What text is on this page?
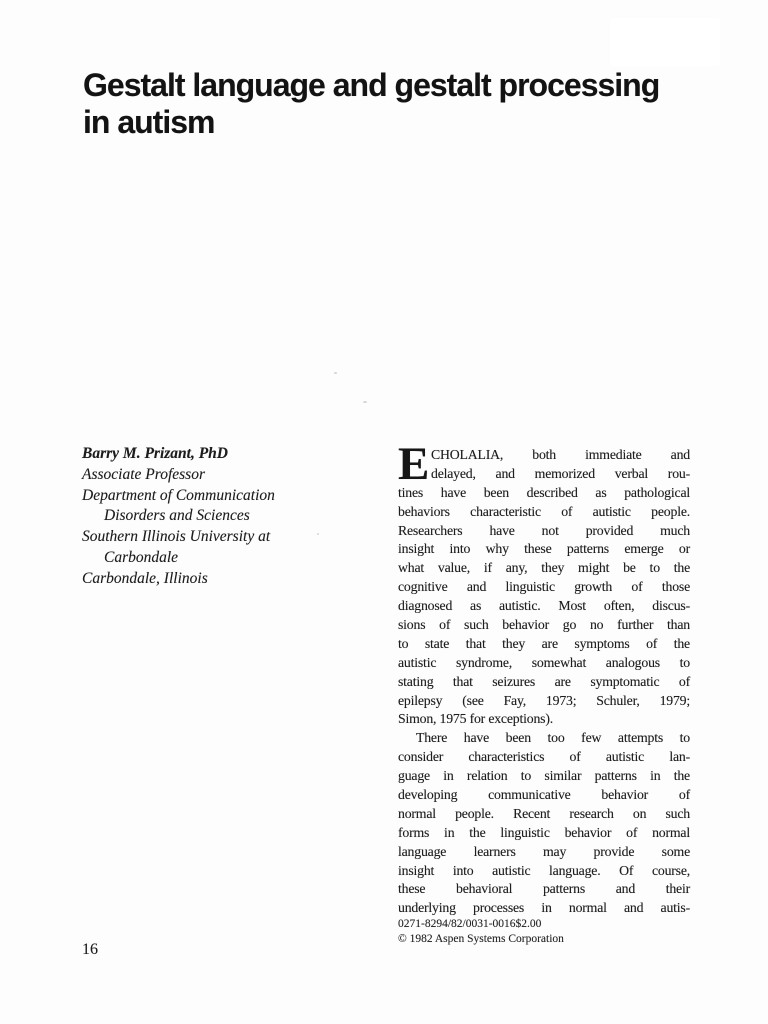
Gestalt language and gestalt processing
in autism
Barry M. Prizant, PhD
Associate Professor
Department of Communication
Disorders and Sciences
Southern Illinois University at
Carbondale
Carbondale, Illinois
E CHOLALIA, both immediate and
delayed, and memorized verbal rou-
tines have been described as pathological
behaviors characteristic of autistic people.
Researchers have not provided much
insight into why these patterns emerge or
what value, if any, they might be to the
cognitive and linguistic growth of those
diagnosed as autistic. Most often, discus-
sions of such behavior go no further than
to state that they are symptoms of the
autistic syndrome, somewhat analogous to
stating that seizures are symptomatic of
epilepsy (see Fay, 1973; Schuler, 1979;
Simon, 1975 for exceptions).
There have been too few attempts to
consider characteristics of autistic lan-
guage in relation to similar patterns in the
developing communicative behavior of
normal people. Recent research on such
forms in the linguistic behavior of normal
language learners may provide some
insight into autistic language. Of course,
these behavioral patterns and their
underlying processes in normal and autis-
0271-8294/82/0031-0016$2.00
© 1982 Aspen Systems Corporation
16
